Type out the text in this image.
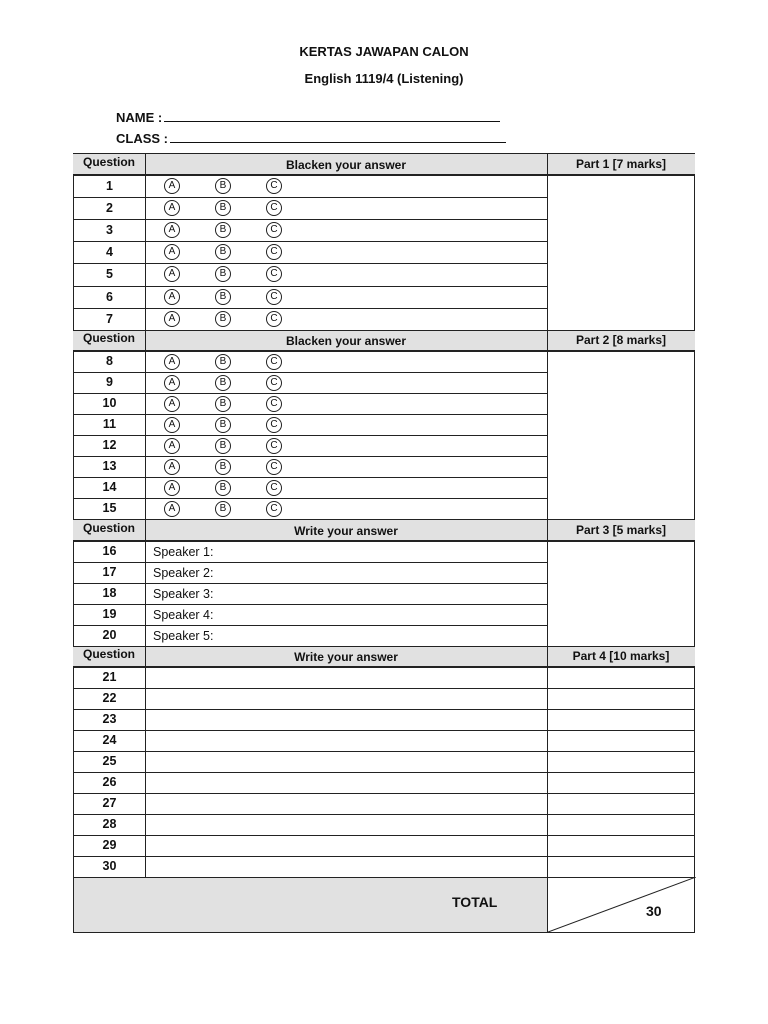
KERTAS JAWAPAN CALON
English 1119/4 (Listening)
NAME :
CLASS :
Question	Blacken your answer	Part 1 [7 marks]
1	A	B	C
2	A	B	C
3	A	B	C
4	A	B	C
5	A	B	C
6	A	B	C
7	A	B	C
Question	Blacken your answer	Part 2 [8 marks]
8	A	B	C
9	A	B	C
10	A	B	C
11	A	B	C
12	A	B	C
13	A	B	C
14	A	B	C
15	A	B	C
Question	Write your answer	Part 3 [5 marks]
16	Speaker 1:
17	Speaker 2:
18	Speaker 3:
19	Speaker 4:
20	Speaker 5:
Question	Write your answer	Part 4 [10 marks]
21
22
23
24
25
26
27
28
29
30
TOTAL
30
